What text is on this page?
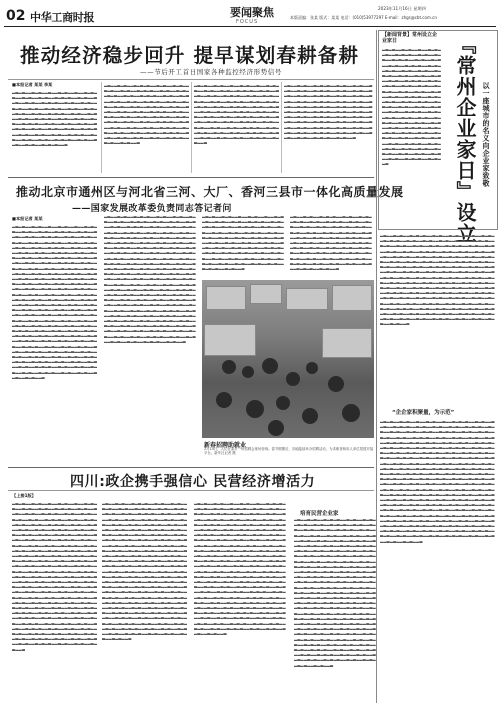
02 中华工商时报	要闻聚焦
FOCUS
2023年11月16日 星期四
本版责编：张某 版式：某某 电话：(010)53977297 E-mail：zhgs@cbt.com.cn
推动经济稳步回升 提早谋划春耕备耕
——节后开工首日国家各种监控经济形势信号
■本报记者 某某 李某
▂▃▂▃▂▂▃▂▃▂▂▃▂▂▃▂▃▂▂▃▂▂▃▂▃▂▃▂▂▃▂▃▂▂▃▂▃▂▂▃▂▃▂▃▂▂▃▂▃▂▂▃▂▃▂▂▃▂▃▂▂▃▂▃▂▃▂▂▃▂▃▂▂▃▂▃▂▂▃▂▃▂▂▃▂▃▂▂▃▂▃▂▃▂▂▃▂▃▂▂▃▂▃▂▂▃▂▃▂▂▃▂▃▂▂▃▂▃▂▃▂▂▃▂▃▂▂▃▂▃▂▂▃▂▃▂▂▃▂▃▂▃▂▂▃▂▃▂▂▃▂▃▂▂▃▂▃▂▂▃▂▃▂▃▂▂▃▂▃▂▂▃▂▃▂▂▃▂▃▂▂▃▂▃▂▃▂▂▃▂▃▂▂▃▂▃▂▂▃▂▃▂▂▃▂▃▂▃▂▂▃▂▃▂▂▃▂▃▂▂▃▂▃▂▂▃▂▃▂▃▂▂▃▂▃▂▂▃▂▃▂▂▃▂▃▂▂▃▂▃▂▃▂▂▃▂▃▂▂▃▂▃▂▂▃▂▃▂▂▃▂▃▂▃▂▂▃
▂▃▂▂▃▂▃▂▂▃▂▃▂▃▂▂▃▂▃▂▂▃▂▃▂▂▃▂▃▂▂▃▂▃▂▂▃▂▃▂▃▂▂▃▂▃▂▂▃▂▃▂▂▃▂▃▂▂▃▂▃▂▂▃▂▃▂▃▂▂▃▂▃▂▂▃▂▃▂▂▃▂▃▂▂▃▂▃▂▂▃▂▃▂▃▂▂▃▂▃▂▂▃▂▃▂▂▃▂▃▂▂▃▂▃▂▂▃▂▃▂▃▂▂▃▂▃▂▂▃▂▃▂▂▃▂▃▂▂▃▂▃▂▂▃▂▃▂▃▂▂▃▂▃▂▂▃▂▃▂▂▃▂▃▂▂▃▂▃▂▂▃▂▃▂▃▂▂▃▂▃▂▂▃▂▃▂▂▃▂▃▂▂▃▂▃▂▂▃▂▃▂▃▂▂▃▂▃▂▂▃▂▃▂▂▃▂▃▂▂▃▂▃▂▂▃▂▃▂▃▂▂▃▂▃▂▂▃▂▃▂▂▃▂▃▂▂▃▂▃▂▂▃▂▃▂▃▂▂▃▂▃▂▂▃▂▃▂▂▃▂▃▂▂▃▂▃▂▂▃▂▃▂▃▂▂▃▂▃▂▂▃▂▃▂▂▃
▂▃▂▃▂▂▃▂▃▂▂▃▂▂▃▂▃▂▂▃▂▂▃▂▃▂▃▂▂▃▂▃▂▂▃▂▃▂▂▃▂▃▂▃▂▂▃▂▃▂▂▃▂▃▂▂▃▂▃▂▂▃▂▃▂▃▂▂▃▂▃▂▂▃▂▃▂▂▃▂▃▂▂▃▂▃▂▂▃▂▃▂▃▂▂▃▂▃▂▂▃▂▃▂▂▃▂▃▂▂▃▂▃▂▂▃▂▃▂▃▂▂▃▂▃▂▂▃▂▃▂▂▃▂▃▂▂▃▂▃▂▂▃▂▃▂▃▂▂▃▂▃▂▂▃▂▃▂▂▃▂▃▂▂▃▂▃▂▂▃▂▃▂▃▂▂▃▂▃▂▂▃▂▃▂▂▃▂▃▂▂▃▂▃▂▂▃▂▃▂▃▂▂▃▂▃▂▂▃▂▃▂▂▃▂▃▂▂▃▂▃▂▂▃▂▃▂▃▂▂▃▂▃▂▂▃▂▃▂▂▃▂▃▂▂▃▂▃▂▂▃▂▃▂▃▂▂▃▂▃▂▂▃▂▃▂▂▃▂▃▂▂▃▂▃▂▂▃▂▃▂▃▂▂▃▂▃▂▂▃
▂▃▂▂▃▂▃▂▂▃▂▃▂▃▂▂▃▂▃▂▂▃▂▃▂▂▃▂▃▂▂▃▂▃▂▂▃▂▃▂▃▂▂▃▂▃▂▂▃▂▃▂▂▃▂▃▂▂▃▂▃▂▂▃▂▃▂▃▂▂▃▂▃▂▂▃▂▃▂▂▃▂▃▂▂▃▂▃▂▂▃▂▃▂▃▂▂▃▂▃▂▂▃▂▃▂▂▃▂▃▂▂▃▂▃▂▂▃▂▃▂▃▂▂▃▂▃▂▂▃▂▃▂▂▃▂▃▂▂▃▂▃▂▂▃▂▃▂▃▂▂▃▂▃▂▂▃▂▃▂▂▃▂▃▂▂▃▂▃▂▂▃▂▃▂▃▂▂▃▂▃▂▂▃▂▃▂▂▃▂▃▂▂▃▂▃▂▂▃▂▃▂▃▂▂▃▂▃▂▂▃▂▃▂▂▃▂▃▂▂▃▂▃▂▂▃▂▃▂▃▂▂▃▂▃▂▂▃▂▃▂▂▃▂▃▂▂▃▂▃▂▂▃▂▃▂▃▂▂▃▂▃▂▂▃▂▃▂▂▃▂▃▂▂▃▂▃▂▂▃▂▃▂▃▂▂▃▂▃▂▂▃
推动北京市通州区与河北省三河、大厂、香河三县市一体化高质量发展
——国家发展改革委负责同志答记者问
■本报记者 某某
▂▃▂▃▂▂▃▂▃▂▂▃▂▂▃▂▃▂▂▃▂▂▃▂▃▂▃▂▂▃▂▃▂▂▃▂▃▂▂▃▂▃▂▃▂▂▃▂▃▂▂▃▂▃▂▂▃▂▃▂▂▃▂▃▂▃▂▂▃▂▃▂▂▃▂▃▂▂▃▂▃▂▂▃▂▃▂▂▃▂▃▂▃▂▂▃▂▃▂▂▃▂▃▂▂▃▂▃▂▂▃▂▃▂▂▃▂▃▂▃▂▂▃▂▃▂▂▃▂▃▂▂▃▂▃▂▂▃▂▃▂▂▃▂▃▂▃▂▂▃▂▃▂▂▃▂▃▂▂▃▂▃▂▂▃▂▃▂▂▃▂▃▂▃▂▂▃▂▃▂▂▃▂▃▂▂▃▂▃▂▂▃▂▃▂▂▃▂▃▂▃▂▂▃▂▃▂▂▃▂▃▂▂▃▂▃▂▂▃▂▃▂▂▃▂▃▂▃▂▂▃▂▃▂▂▃▂▃▂▂▃▂▃▂▂▃▂▃▂▂▃▂▃▂▃▂▂▃▂▃▂▂▃▂▃▂▂▃▂▃▂▂▃▂▃▂▂▃▂▃▂▃▂▂▃▂▃▂▂▃▂▃▂▂▃▂▃▂▂▃▂▃▂▂▃▂▃▂▃▂▂▃▂▃▂▂▃▂▃▂▂▃▂▃▂▂▃▂▃▂▂▃▂▃▂▃▂▂▃▂▃▂▂▃▂▃▂▂▃▂▃▂▂▃▂▃▂▂▃▂▃▂▃▂▂▃▂▃▂▂▃▂▃▂▂▃▂▃▂▂▃▂▃▂▂▃▂▃▂▃▂▂▃▂▃▂▂▃▂▃▂▂▃▂▃▂▂▃▂▃▂▂▃▂▃▂▃▂▂▃▂▃▂▂▃▂▃▂▂▃▂▃▂▂▃▂▃▂▂▃▂▃▂▃▂▂▃▂▃▂▂▃▂▃▂▂▃▂▃▂▂▃▂▃▂▂▃▂▃▂▃▂▂▃▂▃▂▂▃▂▃▂▂▃▂▃▂▂▃▂▃▂▂▃▂▃▂▃▂▂▃▂▃▂▂▃▂▃▂▂▃▂▃▂▂▃▂▃▂▂▃▂▃▂▃▂▂▃▂▃▂▂▃▂▃▂▂▃▂▃▂▂▃▂▃▂▂▃▂▃▂▃▂▂▃▂▃▂▂▃▂▃▂▂▃▂▃▂▂▃▂▃▂▂▃▂▃▂▃▂▂▃▂▃▂▂▃▂▃▂▂▃▂▃▂▂▃▂▃▂▂▃▂▃▂▃▂▂▃▂▃▂▂▃▂▃▂▂▃▂▃▂▂▃▂▃▂▂▃▂▃▂▃▂▂▃▂▃▂▂▃▂▃▂▂▃▂▃▂▂▃▂▃▂▂▃▂▃▂▃▂▂▃▂▃▂▂▃▂▃▂▂▃▂▃▂▂▃▂▃▂▂▃▂▃▂▃▂▂▃▂▃▂▂▃▂▃▂▂▃▂▃▂▂▃▂▃▂▂▃▂▃▂▃▂▂▃▂▃▂▂▃▂▃▂▂▃▂▃▂▂▃▂▃▂▂▃▂▃▂▃▂▂▃▂▃▂▂▃▂▃▂▂▃▂▃▂▂▃▂▃▂▂▃
▂▃▂▂▃▂▃▂▂▃▂▃▂▃▂▂▃▂▃▂▂▃▂▃▂▂▃▂▃▂▂▃▂▃▂▂▃▂▃▂▃▂▂▃▂▃▂▂▃▂▃▂▂▃▂▃▂▂▃▂▃▂▂▃▂▃▂▃▂▂▃▂▃▂▂▃▂▃▂▂▃▂▃▂▂▃▂▃▂▂▃▂▃▂▃▂▂▃▂▃▂▂▃▂▃▂▂▃▂▃▂▂▃▂▃▂▂▃▂▃▂▃▂▂▃▂▃▂▂▃▂▃▂▂▃▂▃▂▂▃▂▃▂▂▃▂▃▂▃▂▂▃▂▃▂▂▃▂▃▂▂▃▂▃▂▂▃▂▃▂▂▃▂▃▂▃▂▂▃▂▃▂▂▃▂▃▂▂▃▂▃▂▂▃▂▃▂▂▃▂▃▂▃▂▂▃▂▃▂▂▃▂▃▂▂▃▂▃▂▂▃▂▃▂▂▃▂▃▂▃▂▂▃▂▃▂▂▃▂▃▂▂▃▂▃▂▂▃▂▃▂▂▃▂▃▂▃▂▂▃▂▃▂▂▃▂▃▂▂▃▂▃▂▂▃▂▃▂▂▃▂▃▂▃▂▂▃▂▃▂▂▃▂▃▂▂▃▂▃▂▂▃▂▃▂▂▃▂▃▂▃▂▂▃▂▃▂▂▃▂▃▂▂▃▂▃▂▂▃▂▃▂▂▃▂▃▂▃▂▂▃▂▃▂▂▃▂▃▂▂▃▂▃▂▂▃▂▃▂▂▃▂▃▂▃▂▂▃▂▃▂▂▃▂▃▂▂▃▂▃▂▂▃▂▃▂▂▃▂▃▂▃▂▂▃▂▃▂▂▃▂▃▂▂▃▂▃▂▂▃▂▃▂▂▃▂▃▂▃▂▂▃▂▃▂▂▃▂▃▂▂▃▂▃▂▂▃▂▃▂▂▃▂▃▂▃▂▂▃▂▃▂▂▃▂▃▂▂▃▂▃▂▂▃▂▃▂▂▃▂▃▂▃▂▂▃▂▃▂▂▃▂▃▂▂▃▂▃▂▂▃▂▃▂▂▃▂▃▂▃▂▂▃▂▃▂▂▃▂▃▂▂▃▂▃▂▂▃▂▃▂▂▃▂▃▂▃▂▂▃▂▃▂▂▃▂▃▂▂▃▂▃▂▂▃▂▃▂▂▃▂▃▂▃▂▂▃▂▃▂▂▃▂▃▂▂▃▂▃▂▂▃▂▃▂▂▃▂▃▂▃▂▂▃▂▃▂▂▃▂▃▂▂▃▂▃▂▂▃▂▃▂▂▃▂▃▂▃▂▂▃▂▃▂▂▃▂▃▂▂▃▂▃▂▂▃▂▃▂▂▃▂▃▂▃▂▂▃▂▃▂▂▃▂▃▂▂▃▂▃▂▂▃▂▃▂▂▃▂▃▂▃▂▂▃▂▃▂▂▃▂▃▂▂▃▂▃▂▂▃▂▃▂▂▃▂▃▂▃▂▂▃▂▃▂▂▃
▂▃▂▃▂▂▃▂▃▂▂▃▂▂▃▂▃▂▂▃▂▂▃▂▃▂▃▂▂▃▂▃▂▂▃▂▃▂▂▃▂▃▂▃▂▂▃▂▃▂▂▃▂▃▂▂▃▂▃▂▂▃▂▃▂▃▂▂▃▂▃▂▂▃▂▃▂▂▃▂▃▂▂▃▂▃▂▂▃▂▃▂▃▂▂▃▂▃▂▂▃▂▃▂▂▃▂▃▂▂▃▂▃▂▂▃▂▃▂▃▂▂▃▂▃▂▂▃▂▃▂▂▃▂▃▂▂▃▂▃▂▂▃▂▃▂▃▂▂▃▂▃▂▂▃▂▃▂▂▃▂▃▂▂▃▂▃▂▂▃▂▃▂▃▂▂▃▂▃▂▂▃▂▃▂▂▃▂▃▂▂▃▂▃▂▂▃▂▃▂▃▂▂▃▂▃▂▂▃▂▃▂▂▃▂▃▂▂▃▂▃▂▂▃▂▃▂▃▂▂▃▂▃▂▂▃▂▃▂▂▃▂▃▂▂▃▂▃▂▂▃▂▃▂▃▂▂▃▂▃▂▂▃
▂▃▂▂▃▂▃▂▂▃▂▃▂▃▂▂▃▂▃▂▂▃▂▃▂▂▃▂▃▂▂▃▂▃▂▂▃▂▃▂▃▂▂▃▂▃▂▂▃▂▃▂▂▃▂▃▂▂▃▂▃▂▂▃▂▃▂▃▂▂▃▂▃▂▂▃▂▃▂▂▃▂▃▂▂▃▂▃▂▂▃▂▃▂▃▂▂▃▂▃▂▂▃▂▃▂▂▃▂▃▂▂▃▂▃▂▂▃▂▃▂▃▂▂▃▂▃▂▂▃▂▃▂▂▃▂▃▂▂▃▂▃▂▂▃▂▃▂▃▂▂▃▂▃▂▂▃▂▃▂▂▃▂▃▂▂▃▂▃▂▂▃▂▃▂▃▂▂▃▂▃▂▂▃▂▃▂▂▃▂▃▂▂▃▂▃▂▂▃▂▃▂▃▂▂▃▂▃▂▂▃▂▃▂▂▃▂▃▂▂▃▂▃▂▂▃▂▃▂▃▂▂▃▂▃▂▂▃▂▃▂▂▃▂▃▂▂▃▂▃▂▂▃▂▃▂▃▂▂▃▂▃▂▂▃
新春招聘助就业
2月14日，人们在某市一场招聘会现场咨询。春节假期后，各地陆续举办招聘活动，为求职者和用人单位搭建对接平台。新华社记者 摄
四川:政企携手强信心 民营经济增活力
【上接1版】
培育民营企业家
▂▃▂▃▂▂▃▂▃▂▂▃▂▂▃▂▃▂▂▃▂▂▃▂▃▂▃▂▂▃▂▃▂▂▃▂▃▂▂▃▂▃▂▃▂▂▃▂▃▂▂▃▂▃▂▂▃▂▃▂▂▃▂▃▂▃▂▂▃▂▃▂▂▃▂▃▂▂▃▂▃▂▂▃▂▃▂▂▃▂▃▂▃▂▂▃▂▃▂▂▃▂▃▂▂▃▂▃▂▂▃▂▃▂▂▃▂▃▂▃▂▂▃▂▃▂▂▃▂▃▂▂▃▂▃▂▂▃▂▃▂▂▃▂▃▂▃▂▂▃▂▃▂▂▃▂▃▂▂▃▂▃▂▂▃▂▃▂▂▃▂▃▂▃▂▂▃▂▃▂▂▃▂▃▂▂▃▂▃▂▂▃▂▃▂▂▃▂▃▂▃▂▂▃▂▃▂▂▃▂▃▂▂▃▂▃▂▂▃▂▃▂▂▃▂▃▂▃▂▂▃▂▃▂▂▃▂▃▂▂▃▂▃▂▂▃▂▃▂▂▃▂▃▂▃▂▂▃▂▃▂▂▃▂▃▂▂▃▂▃▂▂▃▂▃▂▂▃▂▃▂▃▂▂▃▂▃▂▂▃▂▃▂▂▃▂▃▂▂▃▂▃▂▂▃▂▃▂▃▂▂▃▂▃▂▂▃▂▃▂▂▃▂▃▂▂▃▂▃▂▂▃▂▃▂▃▂▂▃▂▃▂▂▃▂▃▂▂▃▂▃▂▂▃▂▃▂▂▃▂▃▂▃▂▂▃▂▃▂▂▃▂▃▂▂▃▂▃▂▂▃▂▃▂▂▃▂▃▂▃▂▂▃▂▃▂▂▃▂▃▂▂▃▂▃▂▂▃▂▃▂▂▃▂▃▂▃▂▂▃▂▃▂▂▃▂▃▂▂▃▂▃▂▂▃▂▃▂▂▃▂▃▂▃▂▂▃▂▃▂▂▃▂▃▂▂▃▂▃▂▂▃▂▃▂▂▃▂▃▂▃▂▂▃▂▃▂▂▃▂▃▂▂▃▂▃▂▂▃▂▃▂▂▃▂▃▂▃▂▂▃▂▃▂▂▃▂▃▂▂▃▂▃▂▂▃▂▃▂▂▃▂▃▂▃▂▂▃▂▃▂▂▃▂▃▂▂▃▂▃▂▂▃▂▃▂▂▃▂▃▂▃▂▂▃▂▃▂▂▃▂▃▂▂▃▂▃▂▂▃▂▃▂▂▃▂▃▂▃▂▂▃▂▃▂▂▃▂▃▂▂▃▂▃▂▂▃▂▃▂▂▃▂▃▂▃▂▂▃▂▃▂▂▃▂▃▂▂▃▂▃▂▂▃▂▃▂▂▃▂▃▂▃▂▂▃▂▃▂▂▃▂▃▂▂▃▂▃▂▂▃▂▃▂▂▃▂▃▂▃▂▂▃▂▃▂▂▃▂▃▂▂▃▂▃▂▂▃▂▃▂▂▃▂▃▂▃▂▂▃▂▃▂▂▃▂▃▂▂▃▂▃▂▂▃▂▃▂▂▃▂▃▂▃▂▂▃▂▃▂▂▃▂▃▂▂▃▂▃▂▂▃
▂▃▂▂▃▂▃▂▂▃▂▃▂▃▂▂▃▂▃▂▂▃▂▃▂▂▃▂▃▂▂▃▂▃▂▂▃▂▃▂▃▂▂▃▂▃▂▂▃▂▃▂▂▃▂▃▂▂▃▂▃▂▂▃▂▃▂▃▂▂▃▂▃▂▂▃▂▃▂▂▃▂▃▂▂▃▂▃▂▂▃▂▃▂▃▂▂▃▂▃▂▂▃▂▃▂▂▃▂▃▂▂▃▂▃▂▂▃▂▃▂▃▂▂▃▂▃▂▂▃▂▃▂▂▃▂▃▂▂▃▂▃▂▂▃▂▃▂▃▂▂▃▂▃▂▂▃▂▃▂▂▃▂▃▂▂▃▂▃▂▂▃▂▃▂▃▂▂▃▂▃▂▂▃▂▃▂▂▃▂▃▂▂▃▂▃▂▂▃▂▃▂▃▂▂▃▂▃▂▂▃▂▃▂▂▃▂▃▂▂▃▂▃▂▂▃▂▃▂▃▂▂▃▂▃▂▂▃▂▃▂▂▃▂▃▂▂▃▂▃▂▂▃▂▃▂▃▂▂▃▂▃▂▂▃▂▃▂▂▃▂▃▂▂▃▂▃▂▂▃▂▃▂▃▂▂▃▂▃▂▂▃▂▃▂▂▃▂▃▂▂▃▂▃▂▂▃▂▃▂▃▂▂▃▂▃▂▂▃▂▃▂▂▃▂▃▂▂▃▂▃▂▂▃▂▃▂▃▂▂▃▂▃▂▂▃▂▃▂▂▃▂▃▂▂▃▂▃▂▂▃▂▃▂▃▂▂▃▂▃▂▂▃▂▃▂▂▃▂▃▂▂▃▂▃▂▂▃▂▃▂▃▂▂▃▂▃▂▂▃▂▃▂▂▃▂▃▂▂▃▂▃▂▂▃▂▃▂▃▂▂▃▂▃▂▂▃▂▃▂▂▃▂▃▂▂▃▂▃▂▂▃▂▃▂▃▂▂▃▂▃▂▂▃▂▃▂▂▃▂▃▂▂▃▂▃▂▂▃▂▃▂▃▂▂▃▂▃▂▂▃▂▃▂▂▃▂▃▂▂▃▂▃▂▂▃▂▃▂▃▂▂▃▂▃▂▂▃▂▃▂▂▃▂▃▂▂▃▂▃▂▂▃▂▃▂▃▂▂▃▂▃▂▂▃▂▃▂▂▃▂▃▂▂▃▂▃▂▂▃▂▃▂▃▂▂▃▂▃▂▂▃▂▃▂▂▃▂▃▂▂▃▂▃▂▂▃▂▃▂▃▂▂▃▂▃▂▂▃▂▃▂▂▃▂▃▂▂▃▂▃▂▂▃▂▃▂▃▂▂▃▂▃▂▂▃▂▃▂▂▃▂▃▂▂▃▂▃▂▂▃▂▃▂▃▂▂▃▂▃▂▂▃▂▃▂▂▃▂▃▂▂▃▂▃▂▂▃▂▃▂▃▂▂▃▂▃▂▂▃▂▃▂▂▃▂▃▂▂▃▂▃▂▂▃
▂▃▂▃▂▂▃▂▃▂▂▃▂▂▃▂▃▂▂▃▂▂▃▂▃▂▃▂▂▃▂▃▂▂▃▂▃▂▂▃▂▃▂▃▂▂▃▂▃▂▂▃▂▃▂▂▃▂▃▂▂▃▂▃▂▃▂▂▃▂▃▂▂▃▂▃▂▂▃▂▃▂▂▃▂▃▂▂▃▂▃▂▃▂▂▃▂▃▂▂▃▂▃▂▂▃▂▃▂▂▃▂▃▂▂▃▂▃▂▃▂▂▃▂▃▂▂▃▂▃▂▂▃▂▃▂▂▃▂▃▂▂▃▂▃▂▃▂▂▃▂▃▂▂▃▂▃▂▂▃▂▃▂▂▃▂▃▂▂▃▂▃▂▃▂▂▃▂▃▂▂▃▂▃▂▂▃▂▃▂▂▃▂▃▂▂▃▂▃▂▃▂▂▃▂▃▂▂▃▂▃▂▂▃▂▃▂▂▃▂▃▂▂▃▂▃▂▃▂▂▃▂▃▂▂▃▂▃▂▂▃▂▃▂▂▃▂▃▂▂▃▂▃▂▃▂▂▃▂▃▂▂▃▂▃▂▂▃▂▃▂▂▃▂▃▂▂▃▂▃▂▃▂▂▃▂▃▂▂▃▂▃▂▂▃▂▃▂▂▃▂▃▂▂▃▂▃▂▃▂▂▃▂▃▂▂▃▂▃▂▂▃▂▃▂▂▃▂▃▂▂▃▂▃▂▃▂▂▃▂▃▂▂▃▂▃▂▂▃▂▃▂▂▃▂▃▂▂▃▂▃▂▃▂▂▃▂▃▂▂▃▂▃▂▂▃▂▃▂▂▃▂▃▂▂▃▂▃▂▃▂▂▃▂▃▂▂▃▂▃▂▂▃▂▃▂▂▃▂▃▂▂▃▂▃▂▃▂▂▃▂▃▂▂▃▂▃▂▂▃▂▃▂▂▃▂▃▂▂▃▂▃▂▃▂▂▃▂▃▂▂▃▂▃▂▂▃▂▃▂▂▃▂▃▂▂▃▂▃▂▃▂▂▃▂▃▂▂▃▂▃▂▂▃▂▃▂▂▃▂▃▂▂▃▂▃▂▃▂▂▃▂▃▂▂▃▂▃▂▂▃▂▃▂▂▃▂▃▂▂▃▂▃▂▃▂▂▃▂▃▂▂▃▂▃▂▂▃▂▃▂▂▃▂▃▂▂▃▂▃▂▃▂▂▃▂▃▂▂▃▂▃▂▂▃▂▃▂▂▃▂▃▂▂▃▂▃▂▃▂▂▃▂▃▂▂▃▂▃▂▂▃▂▃▂▂▃▂▃▂▂▃▂▃▂▃▂▂▃▂▃▂▂▃▂▃▂▂▃▂▃▂▂▃▂▃▂▂▃▂▃▂▃▂▂▃▂▃▂▂▃▂▃▂▂▃▂▃▂▂▃▂▃▂▂▃▂▃▂▃▂▂▃▂▃▂▂▃▂▃▂▂▃▂▃▂▂▃▂▃▂▂▃▂▃▂▃▂▂▃▂▃▂▂▃▂▃▂▂▃▂▃▂▂▃▂▃▂▂▃
▂▃▂▂▃▂▃▂▂▃▂▃▂▃▂▂▃▂▃▂▂▃▂▃▂▂▃▂▃▂▂▃▂▃▂▂▃▂▃▂▃▂▂▃▂▃▂▂▃▂▃▂▂▃▂▃▂▂▃▂▃▂▂▃▂▃▂▃▂▂▃▂▃▂▂▃▂▃▂▂▃▂▃▂▂▃▂▃▂▂▃▂▃▂▃▂▂▃▂▃▂▂▃▂▃▂▂▃▂▃▂▂▃▂▃▂▂▃▂▃▂▃▂▂▃▂▃▂▂▃▂▃▂▂▃▂▃▂▂▃▂▃▂▂▃▂▃▂▃▂▂▃▂▃▂▂▃▂▃▂▂▃▂▃▂▂▃▂▃▂▂▃▂▃▂▃▂▂▃▂▃▂▂▃▂▃▂▂▃▂▃▂▂▃▂▃▂▂▃▂▃▂▃▂▂▃▂▃▂▂▃▂▃▂▂▃▂▃▂▂▃▂▃▂▂▃▂▃▂▃▂▂▃▂▃▂▂▃▂▃▂▂▃▂▃▂▂▃▂▃▂▂▃▂▃▂▃▂▂▃▂▃▂▂▃▂▃▂▂▃▂▃▂▂▃▂▃▂▂▃▂▃▂▃▂▂▃▂▃▂▂▃▂▃▂▂▃▂▃▂▂▃▂▃▂▂▃▂▃▂▃▂▂▃▂▃▂▂▃▂▃▂▂▃▂▃▂▂▃▂▃▂▂▃▂▃▂▃▂▂▃▂▃▂▂▃▂▃▂▂▃▂▃▂▂▃▂▃▂▂▃▂▃▂▃▂▂▃▂▃▂▂▃▂▃▂▂▃▂▃▂▂▃▂▃▂▂▃▂▃▂▃▂▂▃▂▃▂▂▃▂▃▂▂▃▂▃▂▂▃▂▃▂▂▃▂▃▂▃▂▂▃▂▃▂▂▃▂▃▂▂▃▂▃▂▂▃▂▃▂▂▃▂▃▂▃▂▂▃▂▃▂▂▃▂▃▂▂▃▂▃▂▂▃▂▃▂▂▃▂▃▂▃▂▂▃▂▃▂▂▃▂▃▂▂▃▂▃▂▂▃▂▃▂▂▃▂▃▂▃▂▂▃▂▃▂▂▃▂▃▂▂▃▂▃▂▂▃▂▃▂▂▃▂▃▂▃▂▂▃▂▃▂▂▃▂▃▂▂▃▂▃▂▂▃▂▃▂▂▃▂▃▂▃▂▂▃▂▃▂▂▃▂▃▂▂▃▂▃▂▂▃▂▃▂▂▃▂▃▂▃▂▂▃▂▃▂▂▃▂▃▂▂▃▂▃▂▂▃▂▃▂▂▃▂▃▂▃▂▂▃▂▃▂▂▃▂▃▂▂▃▂▃▂▂▃▂▃▂▂▃▂▃▂▃▂▂▃▂▃▂▂▃▂▃▂▂▃▂▃▂▂▃▂▃▂▂▃▂▃▂▃▂▂▃▂▃▂▂▃▂▃▂▂▃▂▃▂▂▃▂▃▂▂▃▂▃▂▃▂▂▃▂▃▂▂▃▂▃▂▂▃▂▃▂▂▃▂▃▂▂▃
【新闻背景】常州设立企业家日
▂▃▂▃▂▂▃▂▃▂▂▃▂▂▃▂▃▂▂▃▂▂▃▂▃▂▃▂▂▃▂▃▂▂▃▂▃▂▂▃▂▃▂▃▂▂▃▂▃▂▂▃▂▃▂▂▃▂▃▂▂▃▂▃▂▃▂▂▃▂▃▂▂▃▂▃▂▂▃▂▃▂▂▃▂▃▂▂▃▂▃▂▃▂▂▃▂▃▂▂▃▂▃▂▂▃▂▃▂▂▃▂▃▂▂▃▂▃▂▃▂▂▃▂▃▂▂▃▂▃▂▂▃▂▃▂▂▃▂▃▂▂▃▂▃▂▃▂▂▃▂▃▂▂▃▂▃▂▂▃▂▃▂▂▃▂▃▂▂▃▂▃▂▃▂▂▃▂▃▂▂▃▂▃▂▂▃▂▃▂▂▃▂▃▂▂▃▂▃▂▃▂▂▃▂▃▂▂▃▂▃▂▂▃▂▃▂▂▃▂▃▂▂▃▂▃▂▃▂▂▃▂▃▂▂▃▂▃▂▂▃▂▃▂▂▃▂▃▂▂▃▂▃▂▃▂▂▃▂▃▂▂▃▂▃▂▂▃▂▃▂▂▃▂▃▂▂▃▂▃▂▃▂▂▃▂▃▂▂▃▂▃▂▂▃▂▃▂▂▃▂▃▂▂▃▂▃▂▃▂▂▃▂▃▂▂▃▂▃▂▂▃▂▃▂▂▃▂▃▂▂▃▂▃▂▃▂▂▃▂▃▂▂▃▂▃▂▂▃▂▃▂▂▃▂▃▂▂▃▂▃▂▃▂▂▃▂▃▂▂▃▂▃▂▂▃▂▃▂▂▃▂▃▂▂▃▂▃▂▃▂▂▃▂▃▂▂▃	『常州企业家日』设立 以一座城市的名义向企业家致敬
▂▃▂▂▃▂▃▂▂▃▂▃▂▃▂▂▃▂▃▂▂▃▂▃▂▂▃▂▃▂▂▃▂▃▂▂▃▂▃▂▃▂▂▃▂▃▂▂▃▂▃▂▂▃▂▃▂▂▃▂▃▂▂▃▂▃▂▃▂▂▃▂▃▂▂▃▂▃▂▂▃▂▃▂▂▃▂▃▂▂▃▂▃▂▃▂▂▃▂▃▂▂▃▂▃▂▂▃▂▃▂▂▃▂▃▂▂▃▂▃▂▃▂▂▃▂▃▂▂▃▂▃▂▂▃▂▃▂▂▃▂▃▂▂▃▂▃▂▃▂▂▃▂▃▂▂▃▂▃▂▂▃▂▃▂▂▃▂▃▂▂▃▂▃▂▃▂▂▃▂▃▂▂▃▂▃▂▂▃▂▃▂▂▃▂▃▂▂▃▂▃▂▃▂▂▃▂▃▂▂▃▂▃▂▂▃▂▃▂▂▃▂▃▂▂▃▂▃▂▃▂▂▃▂▃▂▂▃▂▃▂▂▃▂▃▂▂▃▂▃▂▂▃▂▃▂▃▂▂▃▂▃▂▂▃▂▃▂▂▃▂▃▂▂▃▂▃▂▂▃▂▃▂▃▂▂▃▂▃▂▂▃▂▃▂▂▃▂▃▂▂▃▂▃▂▂▃▂▃▂▃▂▂▃▂▃▂▂▃▂▃▂▂▃▂▃▂▂▃▂▃▂▂▃▂▃▂▃▂▂▃▂▃▂▂▃▂▃▂▂▃▂▃▂▂▃▂▃▂▂▃▂▃▂▃▂▂▃▂▃▂▂▃▂▃▂▂▃▂▃▂▂▃▂▃▂▂▃▂▃▂▃▂▂▃▂▃▂▂▃▂▃▂▂▃▂▃▂▂▃▂▃▂▂▃▂▃▂▃▂▂▃▂▃▂▂▃▂▃▂▂▃▂▃▂▂▃▂▃▂▂▃▂▃▂▃▂▂▃▂▃▂▂▃▂▃▂▂▃▂▃▂▂▃▂▃▂▂▃▂▃▂▃▂▂▃▂▃▂▂▃▂▃▂▂▃▂▃▂▂▃▂▃▂▂▃▂▃▂▃▂▂▃▂▃▂▂▃▂▃▂▂▃▂▃▂▂▃▂▃▂▂▃▂▃▂▃▂▂▃▂▃▂▂▃▂▃▂▂▃▂▃▂▂▃▂▃▂▂▃▂▃▂▃▂▂▃▂▃▂▂▃▂▃▂▂▃▂▃▂▂▃▂▃▂▂▃▂▃▂▃▂▂▃▂▃▂▂▃▂▃▂▂▃▂▃▂▂▃▂▃▂▂▃
“企企家积聚量，为示范”
▂▃▂▃▂▂▃▂▃▂▂▃▂▂▃▂▃▂▂▃▂▂▃▂▃▂▃▂▂▃▂▃▂▂▃▂▃▂▂▃▂▃▂▃▂▂▃▂▃▂▂▃▂▃▂▂▃▂▃▂▂▃▂▃▂▃▂▂▃▂▃▂▂▃▂▃▂▂▃▂▃▂▂▃▂▃▂▂▃▂▃▂▃▂▂▃▂▃▂▂▃▂▃▂▂▃▂▃▂▂▃▂▃▂▂▃▂▃▂▃▂▂▃▂▃▂▂▃▂▃▂▂▃▂▃▂▂▃▂▃▂▂▃▂▃▂▃▂▂▃▂▃▂▂▃▂▃▂▂▃▂▃▂▂▃▂▃▂▂▃▂▃▂▃▂▂▃▂▃▂▂▃▂▃▂▂▃▂▃▂▂▃▂▃▂▂▃▂▃▂▃▂▂▃▂▃▂▂▃▂▃▂▂▃▂▃▂▂▃▂▃▂▂▃▂▃▂▃▂▂▃▂▃▂▂▃▂▃▂▂▃▂▃▂▂▃▂▃▂▂▃▂▃▂▃▂▂▃▂▃▂▂▃▂▃▂▂▃▂▃▂▂▃▂▃▂▂▃▂▃▂▃▂▂▃▂▃▂▂▃▂▃▂▂▃▂▃▂▂▃▂▃▂▂▃▂▃▂▃▂▂▃▂▃▂▂▃▂▃▂▂▃▂▃▂▂▃▂▃▂▂▃▂▃▂▃▂▂▃▂▃▂▂▃▂▃▂▂▃▂▃▂▂▃▂▃▂▂▃▂▃▂▃▂▂▃▂▃▂▂▃▂▃▂▂▃▂▃▂▂▃▂▃▂▂▃▂▃▂▃▂▂▃▂▃▂▂▃▂▃▂▂▃▂▃▂▂▃▂▃▂▂▃▂▃▂▃▂▂▃▂▃▂▂▃▂▃▂▂▃▂▃▂▂▃▂▃▂▂▃▂▃▂▃▂▂▃▂▃▂▂▃▂▃▂▂▃▂▃▂▂▃▂▃▂▂▃▂▃▂▃▂▂▃▂▃▂▂▃▂▃▂▂▃▂▃▂▂▃▂▃▂▂▃▂▃▂▃▂▂▃▂▃▂▂▃▂▃▂▂▃▂▃▂▂▃▂▃▂▂▃▂▃▂▃▂▂▃▂▃▂▂▃▂▃▂▂▃▂▃▂▂▃▂▃▂▂▃▂▃▂▃▂▂▃▂▃▂▂▃▂▃▂▂▃▂▃▂▂▃▂▃▂▂▃▂▃▂▃▂▂▃▂▃▂▂▃▂▃▂▂▃▂▃▂▂▃▂▃▂▂▃▂▃▂▃▂▂▃▂▃▂▂▃▂▃▂▂▃▂▃▂▂▃▂▃▂▂▃▂▃▂▃▂▂▃▂▃▂▂▃▂▃▂▂▃▂▃▂▂▃▂▃▂▂▃▂▃▂▃▂▂▃▂▃▂▂▃▂▃▂▂▃▂▃▂▂▃▂▃▂▂▃▂▃▂▃▂▂▃▂▃▂▂▃▂▃▂▂▃▂▃▂▂▃▂▃▂▂▃▂▃▂▃▂▂▃▂▃▂▂▃▂▃▂▂▃▂▃▂▂▃▂▃▂▂▃▂▃▂▃▂▂▃▂▃▂▂▃▂▃▂▂▃▂▃▂▂▃▂▃▂▂▃▂▃▂▃▂▂▃▂▃▂▂▃▂▃▂▂▃▂▃▂▂▃▂▃▂▂▃▂▃▂▃▂▂▃▂▃▂▂▃▂▃▂▂▃▂▃▂▂▃▂▃▂▂▃
